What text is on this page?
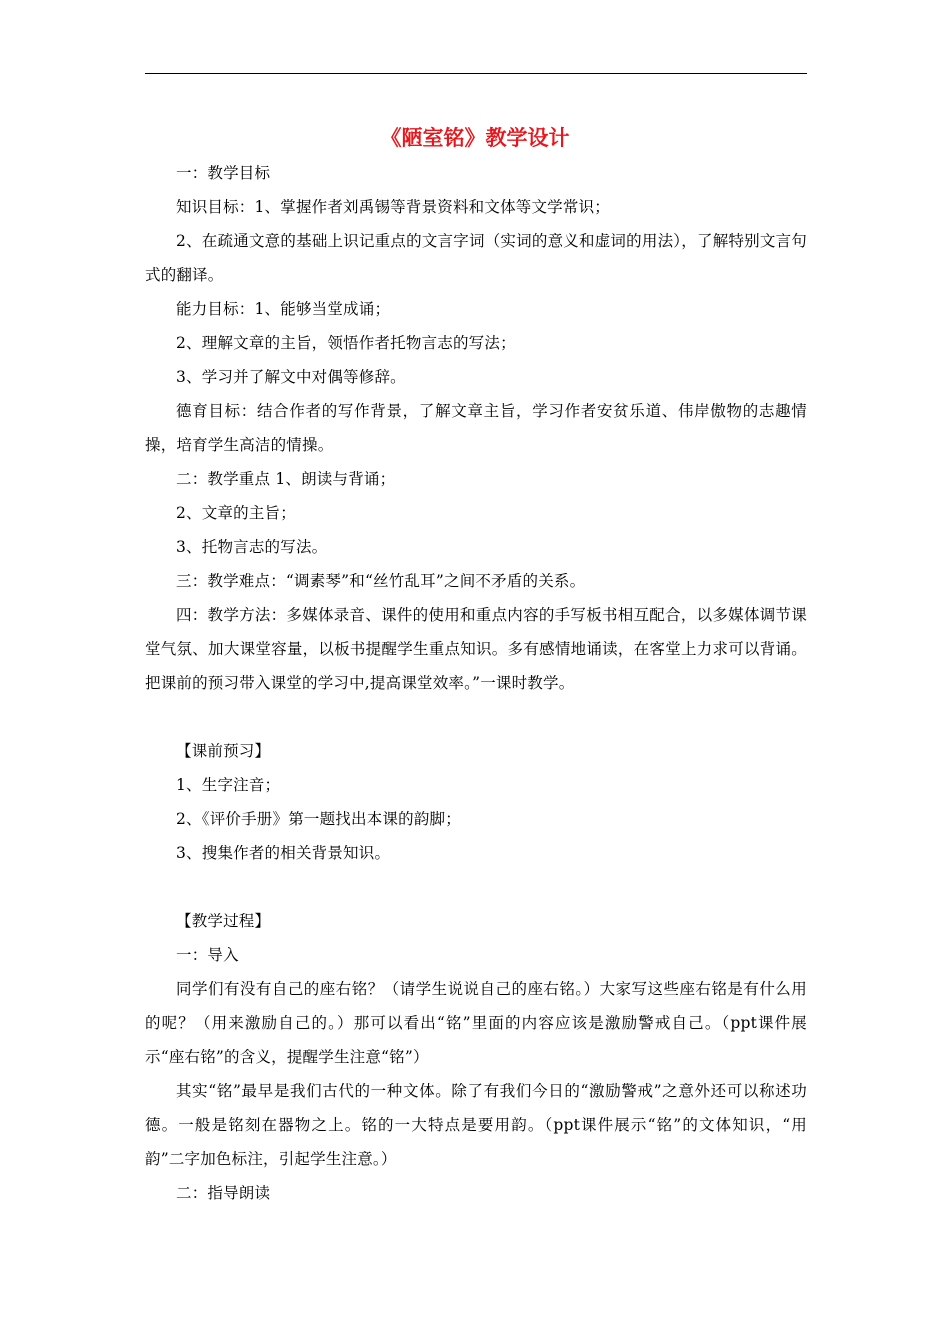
《陋室铭》教学设计

一：教学目标

知识目标：1、掌握作者刘禹锡等背景资料和文体等文学常识；

2、在疏通文意的基础上识记重点的文言字词（实词的意义和虚词的用法），了解特别文言句式的翻译。

能力目标：1、能够当堂成诵；

2、理解文章的主旨，领悟作者托物言志的写法；

3、学习并了解文中对偶等修辞。

德育目标：结合作者的写作背景，了解文章主旨，学习作者安贫乐道、伟岸傲物的志趣情操，培育学生高洁的情操。

二：教学重点 1、朗读与背诵；

2、文章的主旨；

3、托物言志的写法。

三：教学难点：“调素琴”和“丝竹乱耳”之间不矛盾的关系。

四：教学方法：多媒体录音、课件的使用和重点内容的手写板书相互配合，以多媒体调节课堂气氛、加大课堂容量，以板书提醒学生重点知识。多有感情地诵读，在客堂上力求可以背诵。把课前的预习带入课堂的学习中,提高课堂效率。”一课时教学。

【课前预习】

1、生字注音；

2、《评价手册》第一题找出本课的韵脚；

3、搜集作者的相关背景知识。

【教学过程】

一：导入

同学们有没有自己的座右铭？（请学生说说自己的座右铭。）大家写这些座右铭是有什么用的呢？（用来激励自己的。）那可以看出“铭”里面的内容应该是激励警戒自己。（ppt课件展示“座右铭”的含义，提醒学生注意“铭”）

其实“铭”最早是我们古代的一种文体。除了有我们今日的“激励警戒”之意外还可以称述功德。一般是铭刻在器物之上。铭的一大特点是要用韵。（ppt课件展示“铭”的文体知识，“用韵”二字加色标注，引起学生注意。）

二：指导朗读
